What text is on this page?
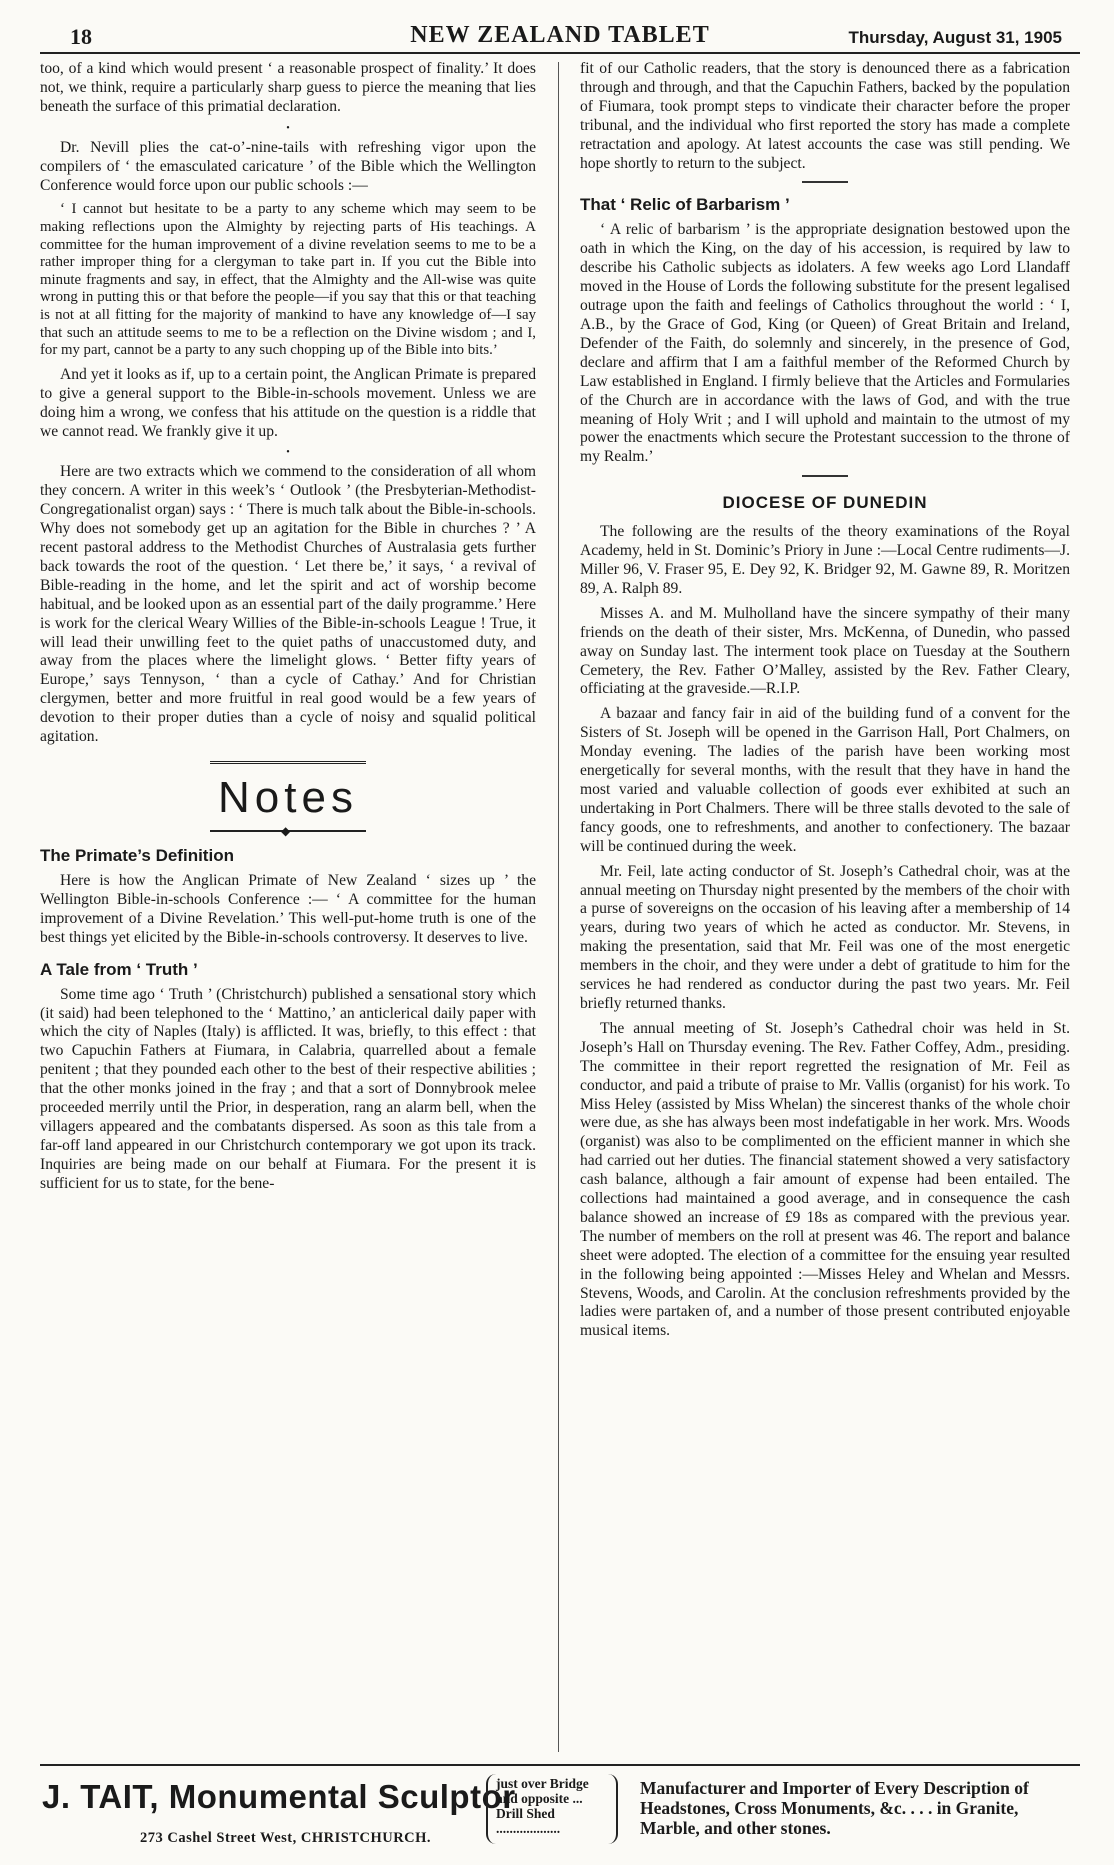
18	NEW ZEALAND TABLET	Thursday, August 31, 1905

too, of a kind which would present ‘ a reasonable prospect of finality.’ It does not, we think, require a particularly sharp guess to pierce the meaning that lies beneath the surface of this primatial declaration.

•

Dr. Nevill plies the cat-o’-nine-tails with refreshing vigor upon the compilers of ‘ the emasculated caricature ’ of the Bible which the Wellington Conference would force upon our public schools :—

‘ I cannot but hesitate to be a party to any scheme which may seem to be making reflections upon the Almighty by rejecting parts of His teachings. A committee for the human improvement of a divine revelation seems to me to be a rather improper thing for a clergyman to take part in. If you cut the Bible into minute fragments and say, in effect, that the Almighty and the All-wise was quite wrong in putting this or that before the people—if you say that this or that teaching is not at all fitting for the majority of mankind to have any knowledge of—I say that such an attitude seems to me to be a reflection on the Divine wisdom ; and I, for my part, cannot be a party to any such chopping up of the Bible into bits.’

And yet it looks as if, up to a certain point, the Anglican Primate is prepared to give a general support to the Bible-in-schools movement. Unless we are doing him a wrong, we confess that his attitude on the question is a riddle that we cannot read. We frankly give it up.

•

Here are two extracts which we commend to the consideration of all whom they concern. A writer in this week’s ‘ Outlook ’ (the Presbyterian-Methodist-Congregationalist organ) says : ‘ There is much talk about the Bible-in-schools. Why does not somebody get up an agitation for the Bible in churches ? ’ A recent pastoral address to the Methodist Churches of Australasia gets further back towards the root of the question. ‘ Let there be,’ it says, ‘ a revival of Bible-reading in the home, and let the spirit and act of worship become habitual, and be looked upon as an essential part of the daily programme.’ Here is work for the clerical Weary Willies of the Bible-in-schools League ! True, it will lead their unwilling feet to the quiet paths of unaccustomed duty, and away from the places where the limelight glows. ‘ Better fifty years of Europe,’ says Tennyson, ‘ than a cycle of Cathay.’ And for Christian clergymen, better and more fruitful in real good would be a few years of devotion to their proper duties than a cycle of noisy and squalid political agitation.

Notes
◆
The Primate’s Definition

Here is how the Anglican Primate of New Zealand ‘ sizes up ’ the Wellington Bible-in-schools Conference :— ‘ A committee for the human improvement of a Divine Revelation.’ This well-put-home truth is one of the best things yet elicited by the Bible-in-schools controversy. It deserves to live.

A Tale from ‘ Truth ’

Some time ago ‘ Truth ’ (Christchurch) published a sensational story which (it said) had been telephoned to the ‘ Mattino,’ an anticlerical daily paper with which the city of Naples (Italy) is afflicted. It was, briefly, to this effect : that two Capuchin Fathers at Fiumara, in Calabria, quarrelled about a female penitent ; that they pounded each other to the best of their respective abilities ; that the other monks joined in the fray ; and that a sort of Donnybrook melee proceeded merrily until the Prior, in desperation, rang an alarm bell, when the villagers appeared and the combatants dispersed. As soon as this tale from a far-off land appeared in our Christchurch contemporary we got upon its track. Inquiries are being made on our behalf at Fiumara. For the present it is sufficient for us to state, for the bene-

fit of our Catholic readers, that the story is denounced there as a fabrication through and through, and that the Capuchin Fathers, backed by the population of Fiumara, took prompt steps to vindicate their character before the proper tribunal, and the individual who first reported the story has made a complete retractation and apology. At latest accounts the case was still pending. We hope shortly to return to the subject.

That ‘ Relic of Barbarism ’

‘ A relic of barbarism ’ is the appropriate designation bestowed upon the oath in which the King, on the day of his accession, is required by law to describe his Catholic subjects as idolaters. A few weeks ago Lord Llandaff moved in the House of Lords the following substitute for the present legalised outrage upon the faith and feelings of Catholics throughout the world : ‘ I, A.B., by the Grace of God, King (or Queen) of Great Britain and Ireland, Defender of the Faith, do solemnly and sincerely, in the presence of God, declare and affirm that I am a faithful member of the Reformed Church by Law established in England. I firmly believe that the Articles and Formularies of the Church are in accordance with the laws of God, and with the true meaning of Holy Writ ; and I will uphold and maintain to the utmost of my power the enactments which secure the Protestant succession to the throne of my Realm.’

DIOCESE OF DUNEDIN

The following are the results of the theory examinations of the Royal Academy, held in St. Dominic’s Priory in June :—Local Centre rudiments—J. Miller 96, V. Fraser 95, E. Dey 92, K. Bridger 92, M. Gawne 89, R. Moritzen 89, A. Ralph 89.

Misses A. and M. Mulholland have the sincere sympathy of their many friends on the death of their sister, Mrs. McKenna, of Dunedin, who passed away on Sunday last. The interment took place on Tuesday at the Southern Cemetery, the Rev. Father O’Malley, assisted by the Rev. Father Cleary, officiating at the graveside.—R.I.P.

A bazaar and fancy fair in aid of the building fund of a convent for the Sisters of St. Joseph will be opened in the Garrison Hall, Port Chalmers, on Monday evening. The ladies of the parish have been working most energetically for several months, with the result that they have in hand the most varied and valuable collection of goods ever exhibited at such an undertaking in Port Chalmers. There will be three stalls devoted to the sale of fancy goods, one to refreshments, and another to confectionery. The bazaar will be continued during the week.

Mr. Feil, late acting conductor of St. Joseph’s Cathedral choir, was at the annual meeting on Thursday night presented by the members of the choir with a purse of sovereigns on the occasion of his leaving after a membership of 14 years, during two years of which he acted as conductor. Mr. Stevens, in making the presentation, said that Mr. Feil was one of the most energetic members in the choir, and they were under a debt of gratitude to him for the services he had rendered as conductor during the past two years. Mr. Feil briefly returned thanks.

The annual meeting of St. Joseph’s Cathedral choir was held in St. Joseph’s Hall on Thursday evening. The Rev. Father Coffey, Adm., presiding. The committee in their report regretted the resignation of Mr. Feil as conductor, and paid a tribute of praise to Mr. Vallis (organist) for his work. To Miss Heley (assisted by Miss Whelan) the sincerest thanks of the whole choir were due, as she has always been most indefatigable in her work. Mrs. Woods (organist) was also to be complimented on the efficient manner in which she had carried out her duties. The financial statement showed a very satisfactory cash balance, although a fair amount of expense had been entailed. The collections had maintained a good average, and in consequence the cash balance showed an increase of £9 18s as compared with the previous year. The number of members on the roll at present was 46. The report and balance sheet were adopted. The election of a committee for the ensuing year resulted in the following being appointed :—Misses Heley and Whelan and Messrs. Stevens, Woods, and Carolin. At the conclusion refreshments provided by the ladies were partaken of, and a number of those present contributed enjoyable musical items.

J. TAIT, Monumental Sculptor
273 Cashel Street West, CHRISTCHURCH.
just over Bridge
and opposite ...
Drill Shed
...................
Manufacturer and Importer of Every Description of Headstones, Cross Monuments, &c. . . . in Granite, Marble, and other stones.
